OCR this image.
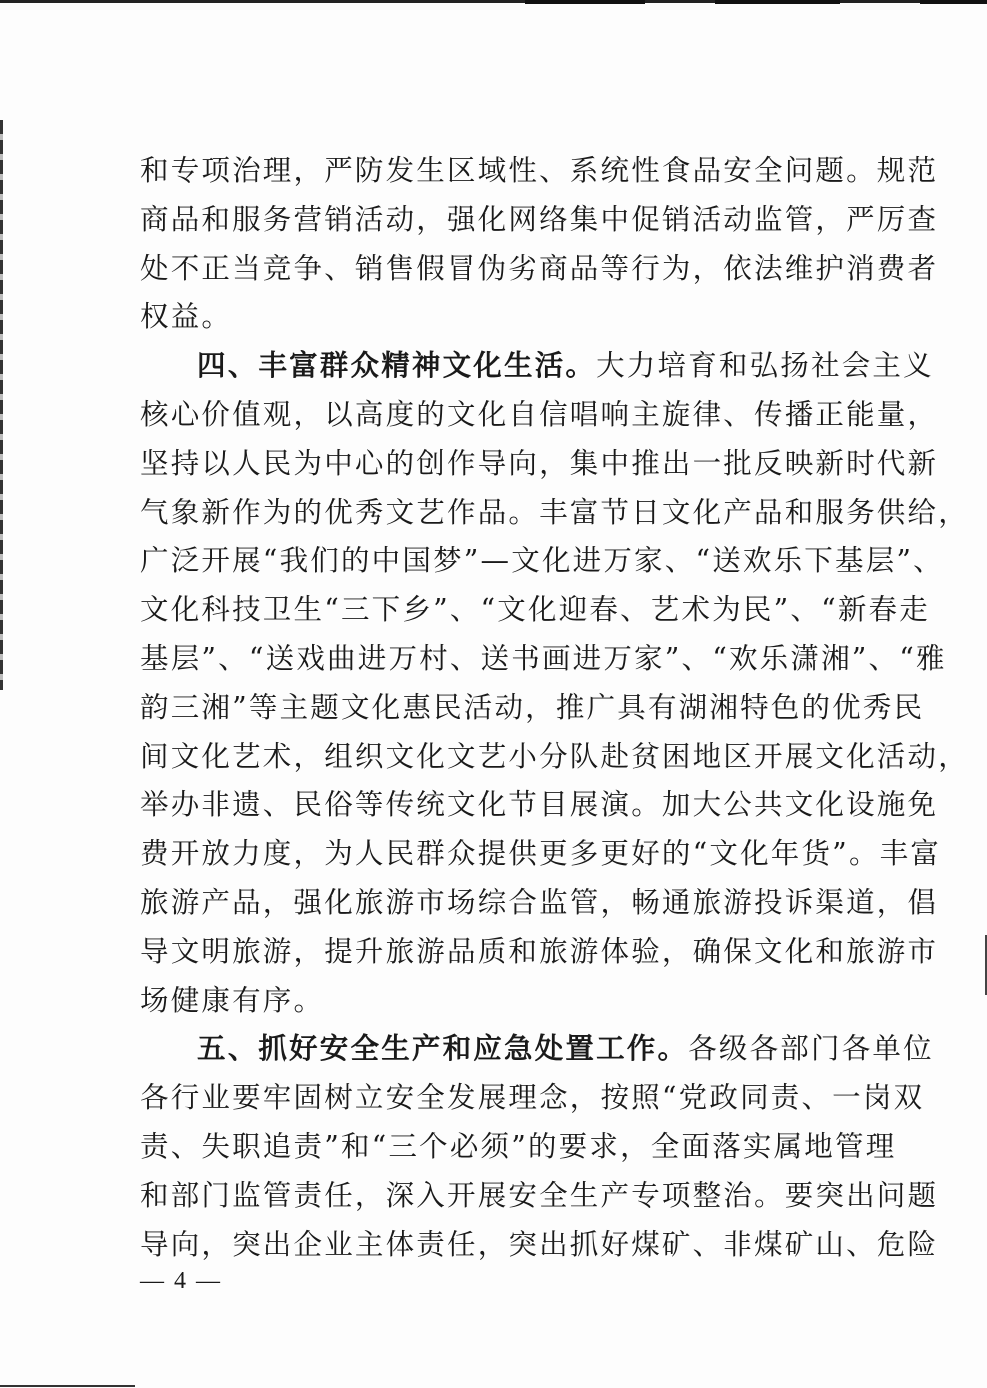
和专项治理，严防发生区域性、系统性食品安全问题。规范
商品和服务营销活动，强化网络集中促销活动监管，严厉查
处不正当竞争、销售假冒伪劣商品等行为，依法维护消费者
权益。
四、丰富群众精神文化生活。大力培育和弘扬社会主义
核心价值观，以高度的文化自信唱响主旋律、传播正能量，
坚持以人民为中心的创作导向，集中推出一批反映新时代新
气象新作为的优秀文艺作品。丰富节日文化产品和服务供给，
广泛开展“我们的中国梦”—文化进万家、“送欢乐下基层”、
文化科技卫生“三下乡”、“文化迎春、艺术为民”、“新春走
基层”、“送戏曲进万村、送书画进万家”、“欢乐潇湘”、“雅
韵三湘”等主题文化惠民活动，推广具有湖湘特色的优秀民
间文化艺术，组织文化文艺小分队赴贫困地区开展文化活动，
举办非遗、民俗等传统文化节目展演。加大公共文化设施免
费开放力度，为人民群众提供更多更好的“文化年货”。丰富
旅游产品，强化旅游市场综合监管，畅通旅游投诉渠道，倡
导文明旅游，提升旅游品质和旅游体验，确保文化和旅游市
场健康有序。
五、抓好安全生产和应急处置工作。各级各部门各单位
各行业要牢固树立安全发展理念，按照“党政同责、一岗双
责、失职追责”和“三个必须”的要求，全面落实属地管理
和部门监管责任，深入开展安全生产专项整治。要突出问题
导向，突出企业主体责任，突出抓好煤矿、非煤矿山、危险
— 4 —
